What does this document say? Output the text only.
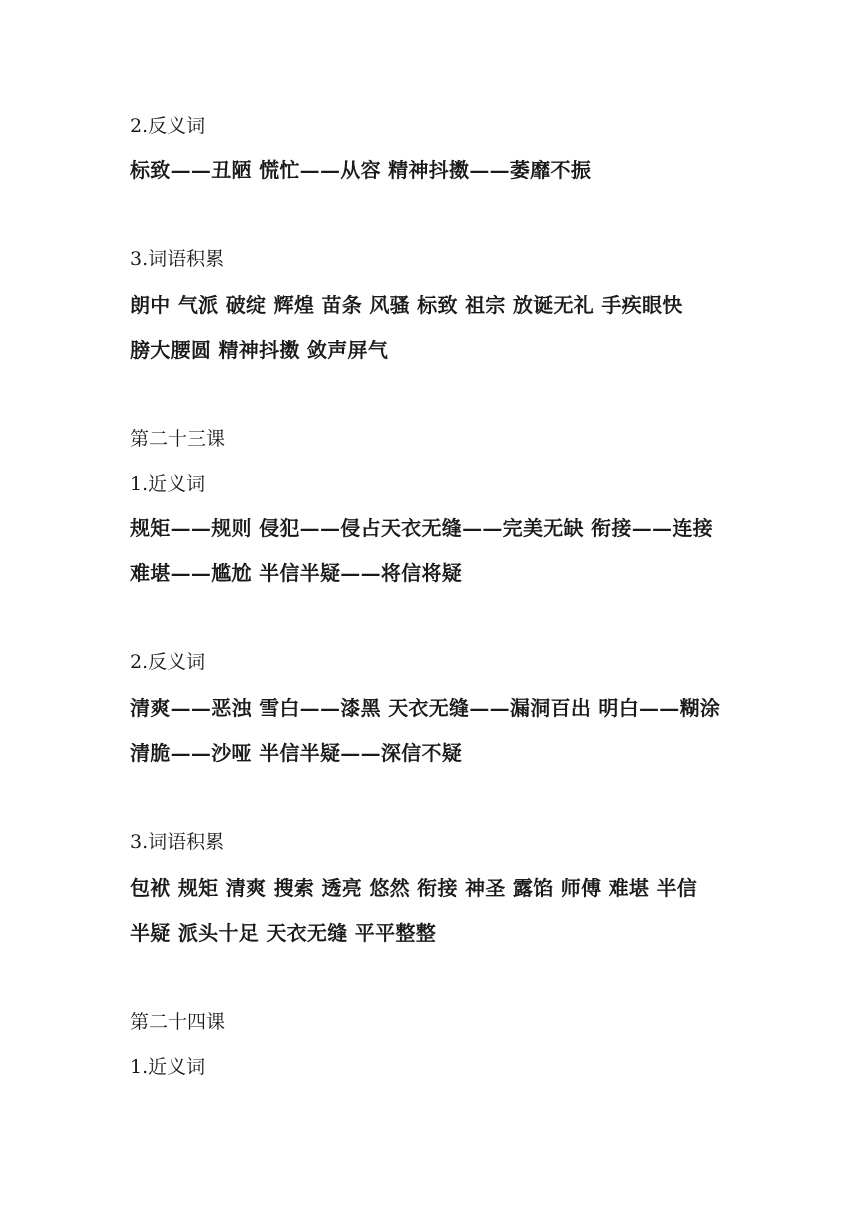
2.反义词
标致——丑陋 慌忙——从容 精神抖擞——萎靡不振
3.词语积累
朗中 气派 破绽 辉煌 苗条 风骚 标致 祖宗 放诞无礼 手疾眼快
膀大腰圆 精神抖擞 敛声屏气
第二十三课
1.近义词
规矩——规则 侵犯——侵占天衣无缝——完美无缺 衔接——连接
难堪——尴尬 半信半疑——将信将疑
2.反义词
清爽——恶浊 雪白——漆黑 天衣无缝——漏洞百出 明白——糊涂
清脆——沙哑 半信半疑——深信不疑
3.词语积累
包袱 规矩 清爽 搜索 透亮 悠然 衔接 神圣 露馅 师傅 难堪 半信
半疑 派头十足 天衣无缝 平平整整
第二十四课
1.近义词
